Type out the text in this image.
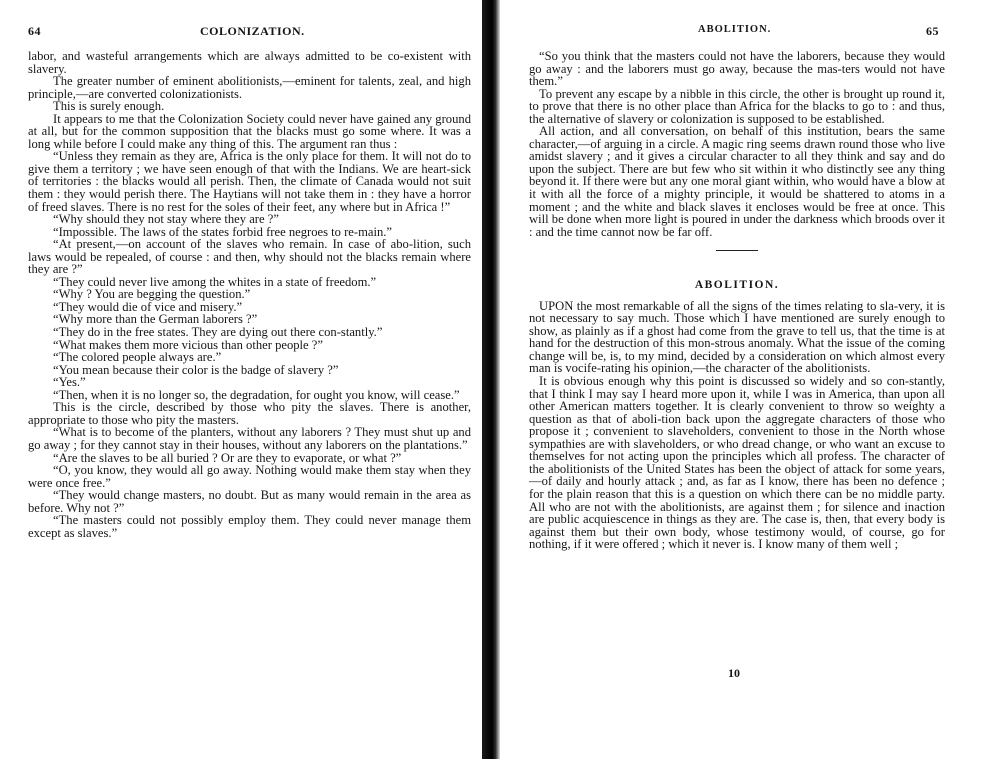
64	COLONIZATION.

labor, and wasteful arrangements which are always admitted to be co-existent with slavery.

The greater number of eminent abolitionists,—eminent for talents, zeal, and high principle,—are converted colonizationists.

This is surely enough.

It appears to me that the Colonization Society could never have gained any ground at all, but for the common supposition that the blacks must go some where. It was a long while before I could make any thing of this. The argument ran thus :

“Unless they remain as they are, Africa is the only place for them. It will not do to give them a territory ; we have seen enough of that with the Indians. We are heart-sick of territories : the blacks would all perish. Then, the climate of Canada would not suit them : they would perish there. The Haytians will not take them in : they have a horror of freed slaves. There is no rest for the soles of their feet, any where but in Africa !”

“Why should they not stay where they are ?”

“Impossible. The laws of the states forbid free negroes to re-main.”

“At present,—on account of the slaves who remain. In case of abo-lition, such laws would be repealed, of course : and then, why should not the blacks remain where they are ?”

“They could never live among the whites in a state of freedom.”

“Why ? You are begging the question.”

“They would die of vice and misery.”

“Why more than the German laborers ?”

“They do in the free states. They are dying out there con-stantly.”

“What makes them more vicious than other people ?”

“The colored people always are.”

“You mean because their color is the badge of slavery ?”

“Yes.”

“Then, when it is no longer so, the degradation, for ought you know, will cease.”

This is the circle, described by those who pity the slaves. There is another, appropriate to those who pity the masters.

“What is to become of the planters, without any laborers ? They must shut up and go away ; for they cannot stay in their houses, without any laborers on the plantations.”

“Are the slaves to be all buried ? Or are they to evaporate, or what ?”

“O, you know, they would all go away. Nothing would make them stay when they were once free.”

“They would change masters, no doubt. But as many would remain in the area as before. Why not ?”

“The masters could not possibly employ them. They could never manage them except as slaves.”

ABOLITION.	65

“So you think that the masters could not have the laborers, because they would go away : and the laborers must go away, because the mas-ters would not have them.”

To prevent any escape by a nibble in this circle, the other is brought up round it, to prove that there is no other place than Africa for the blacks to go to : and thus, the alternative of slavery or colonization is supposed to be established.

All action, and all conversation, on behalf of this institution, bears the same character,—of arguing in a circle. A magic ring seems drawn round those who live amidst slavery ; and it gives a circular character to all they think and say and do upon the subject. There are but few who sit within it who distinctly see any thing beyond it. If there were but any one moral giant within, who would have a blow at it with all the force of a mighty principle, it would be shattered to atoms in a moment ; and the white and black slaves it encloses would be free at once. This will be done when more light is poured in under the darkness which broods over it : and the time cannot now be far off.

ABOLITION.

UPON the most remarkable of all the signs of the times relating to sla-very, it is not necessary to say much. Those which I have mentioned are surely enough to show, as plainly as if a ghost had come from the grave to tell us, that the time is at hand for the destruction of this mon-strous anomaly. What the issue of the coming change will be, is, to my mind, decided by a consideration on which almost every man is vocife-rating his opinion,—the character of the abolitionists.

It is obvious enough why this point is discussed so widely and so con-stantly, that I think I may say I heard more upon it, while I was in America, than upon all other American matters together. It is clearly convenient to throw so weighty a question as that of aboli-tion back upon the aggregate characters of those who propose it ; convenient to slaveholders, convenient to those in the North whose sympathies are with slaveholders, or who dread change, or who want an excuse to themselves for not acting upon the principles which all profess. The character of the abolitionists of the United States has been the object of attack for some years,—of daily and hourly attack ; and, as far as I know, there has been no defence ; for the plain reason that this is a question on which there can be no middle party. All who are not with the abolitionists, are against them ; for silence and inaction are public acquiescence in things as they are. The case is, then, that every body is against them but their own body, whose testimony would, of course, go for nothing, if it were offered ; which it never is. I know many of them well ;

10
